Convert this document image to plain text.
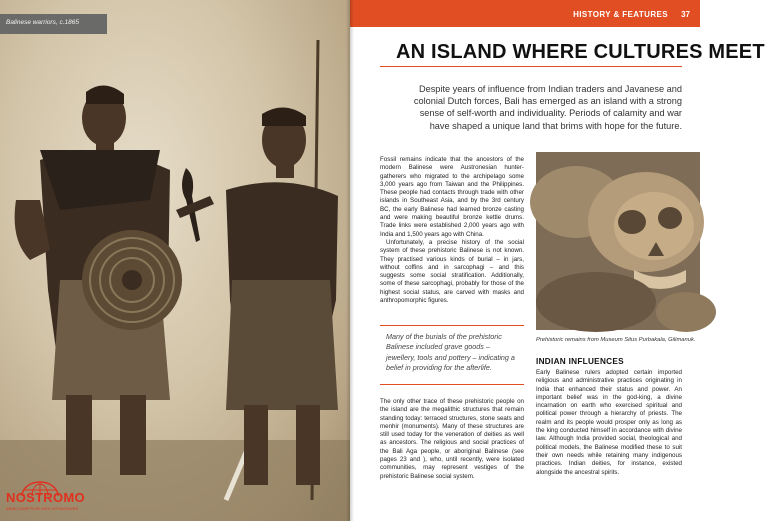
Balinese warriors, c.1865
NOSTROMO
WEB COMPTOIR DES VOYAGEURS
HISTORY & FEATURES 37
AN ISLAND WHERE CULTURES MEET

Despite years of influence from Indian traders and Javanese and colonial Dutch forces, Bali has emerged as an island with a strong sense of self-worth and individuality. Periods of calamity and war have shaped a unique land that brims with hope for the future.

Fossil remains indicate that the ancestors of the modern Balinese were Austronesian hunter-gatherers who migrated to the archipelago some 3,000 years ago from Taiwan and the Philippines. These people had contacts through trade with other islands in Southeast Asia, and by the 3rd century BC, the early Balinese had learned bronze casting and were making beautiful bronze kettle drums. Trade links were established 2,000 years ago with India and 1,500 years ago with China.

Unfortunately, a precise history of the social system of these prehistoric Balinese is not known. They practised various kinds of burial – in jars, without coffins and in sarcophagi – and this suggests some social stratification. Additionally, some of these sarcophagi, probably for those of the highest social status, are carved with masks and anthropomorphic figures.

Many of the burials of the prehistoric Balinese included grave goods – jewellery, tools and pottery – indicating a belief in providing for the afterlife.

The only other trace of these prehistoric people on the island are the megalithic structures that remain standing today: terraced structures, stone seats and menhir (monuments). Many of these structures are still used today for the veneration of deities as well as ancestors. The religious and social practices of the Bali Aga people, or aboriginal Balinese (see pages 23 and ), who, until recently, were isolated communities, may represent vestiges of the prehistoric Balinese social system.

Prehistoric remains from Museum Situs Purbakala, Gilimanuk.

INDIAN INFLUENCES

Early Balinese rulers adopted certain imported religious and administrative practices originating in India that enhanced their status and power. An important belief was in the god-king, a divine incarnation on earth who exercised spiritual and political power through a hierarchy of priests. The realm and its people would prosper only as long as the king conducted himself in accordance with divine law. Although India provided social, theological and political models, the Balinese modified these to suit their own needs while retaining many indigenous practices. Indian deities, for instance, existed alongside the ancestral spirits.
